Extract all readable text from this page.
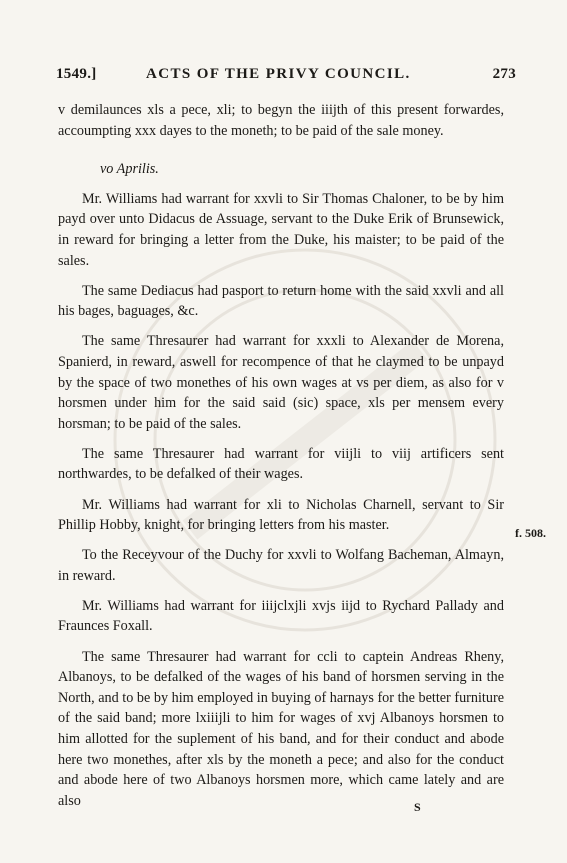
1549.]	ACTS OF THE PRIVY COUNCIL.	273

v demilaunces xls a pece, xli; to begyn the iiijth of this present forwardes, accoumpting xxx dayes to the moneth; to be paid of the sale money.

vo Aprilis.

Mr. Williams had warrant for xxvli to Sir Thomas Chaloner, to be by him payd over unto Didacus de Assuage, servant to the Duke Erik of Brunsewick, in reward for bringing a letter from the Duke, his maister; to be paid of the sales.

The same Dediacus had pasport to return home with the said xxvli and all his bages, baguages, &c.

The same Thresaurer had warrant for xxxli to Alexander de Morena, Spanierd, in reward, aswell for recompence of that he claymed to be unpayd by the space of two monethes of his own wages at vs per diem, as also for v horsmen under him for the said said (sic) space, xls per mensem every horsman; to be paid of the sales.

The same Thresaurer had warrant for viijli to viij artificers sent northwardes, to be defalked of their wages.

Mr. Williams had warrant for xli to Nicholas Charnell, servant to Sir Phillip Hobby, knight, for bringing letters from his master.

To the Receyvour of the Duchy for xxvli to Wolfang Bacheman, Almayn, in reward.

Mr. Williams had warrant for iiijclxjli xvjs iijd to Rychard Pallady and Fraunces Foxall.

The same Thresaurer had warrant for ccli to captein Andreas Rheny, Albanoys, to be defalked of the wages of his band of horsmen serving in the North, and to be by him employed in buying of harnays for the better furniture of the said band; more lxiiijli to him for wages of xvj Albanoys horsmen to him allotted for the suplement of his band, and for their conduct and abode here two monethes, after xls by the moneth a pece; and also for the conduct and abode here of two Albanoys horsmen more, which came lately and are also

f. 508.
S
